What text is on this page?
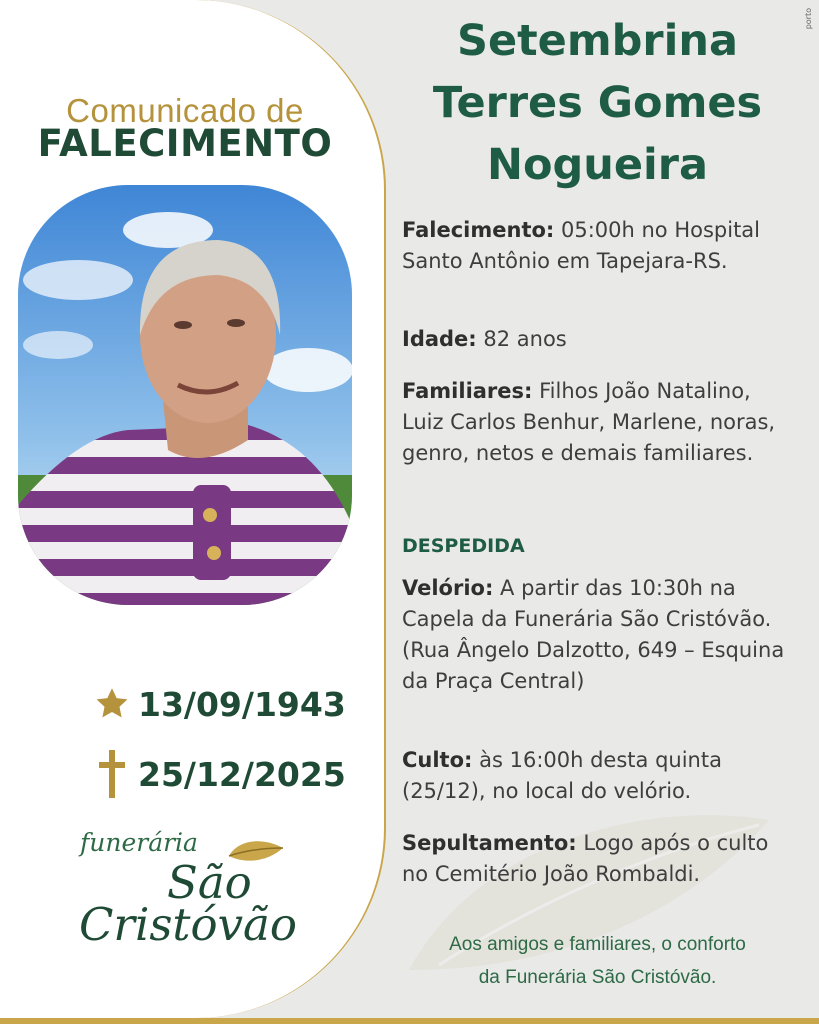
porto
Comunicado de
FALECIMENTO
13/09/1943
25/12/2025
funerária
São
Cristóvão
Setembrina
Terres Gomes
Nogueira
Falecimento: 05:00h no Hospital Santo Antônio em Tapejara-RS.
Idade: 82 anos
Familiares: Filhos João Natalino, Luiz Carlos Benhur, Marlene, noras, genro, netos e demais familiares.
DESPEDIDA
Velório: A partir das 10:30h na Capela da Funerária São Cristóvão. (Rua Ângelo Dalzotto, 649 – Esquina da Praça Central)
Culto: às 16:00h desta quinta (25/12), no local do velório.
Sepultamento: Logo após o culto no Cemitério João Rombaldi.
Aos amigos e familiares, o conforto
da Funerária São Cristóvão.
